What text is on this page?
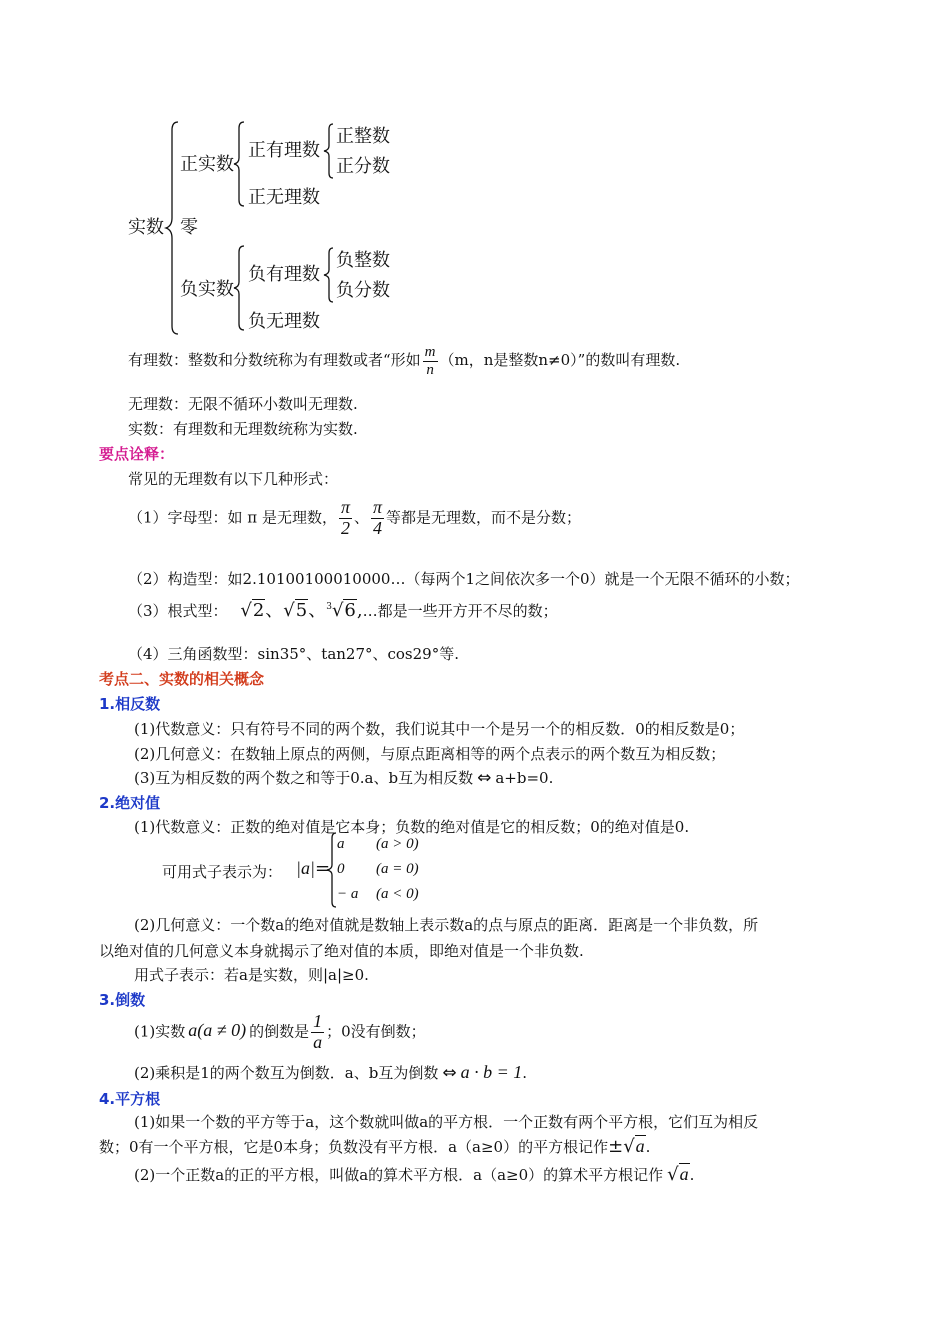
实数
正实数
零
负实数
正有理数
正无理数
正整数
正分数
负有理数
负无理数
负整数
负分数
有理数：整数和分数统称为有理数或者“形如 $\frac{m}{n} (m$，n是整数n≠0）”的数叫有理数.
无理数：无限不循环小数叫无理数.
实数：有理数和无理数统称为实数.
要点诠释：
常见的无理数有以下几种形式：
（1）字母型：如 π 是无理数， $\frac{\pi}{2}$ 、 $\frac{\pi}{4}$ 等都是无理数，而不是分数；
（2）构造型：如2.10100100010000…（每两个1之间依次多一个0）就是一个无限不循环的小数；
（3）根式型： √2、√5、$^3$√6,…都是一些开方开不尽的数；
（4）三角函数型：sin35°、tan27°、cos29°等.
考点二、实数的相关概念
1.相反数
(1)代数意义：只有符号不同的两个数，我们说其中一个是另一个的相反数．0的相反数是0；
(2)几何意义：在数轴上原点的两侧，与原点距离相等的两个点表示的两个数互为相反数；
(3)互为相反数的两个数之和等于0.a、b互为相反数 ⇔ a+b=0.
2.绝对值
(1)代数意义：正数的绝对值是它本身；负数的绝对值是它的相反数；0的绝对值是0.
可用式子表示为： |a| =
a (a > 0)
0 (a = 0)
− a (a < 0)
(2)几何意义：一个数a的绝对值就是数轴上表示数a的点与原点的距离．距离是一个非负数，所
以绝对值的几何意义本身就揭示了绝对值的本质，即绝对值是一个非负数.
用式子表示：若a是实数，则|a|≥0.
3.倒数
(1)实数 a(a ≠ 0) 的倒数是 $\frac{1}{a}$ ；0没有倒数；
(2)乘积是1的两个数互为倒数．a、b互为倒数 ⇔ a · b = 1.
4.平方根
(1)如果一个数的平方等于a，这个数就叫做a的平方根．一个正数有两个平方根，它们互为相反
数；0有一个平方根，它是0本身；负数没有平方根．a（a≥0）的平方根记作±√a.
(2)一个正数a的正的平方根，叫做a的算术平方根．a（a≥0）的算术平方根记作 √a.
